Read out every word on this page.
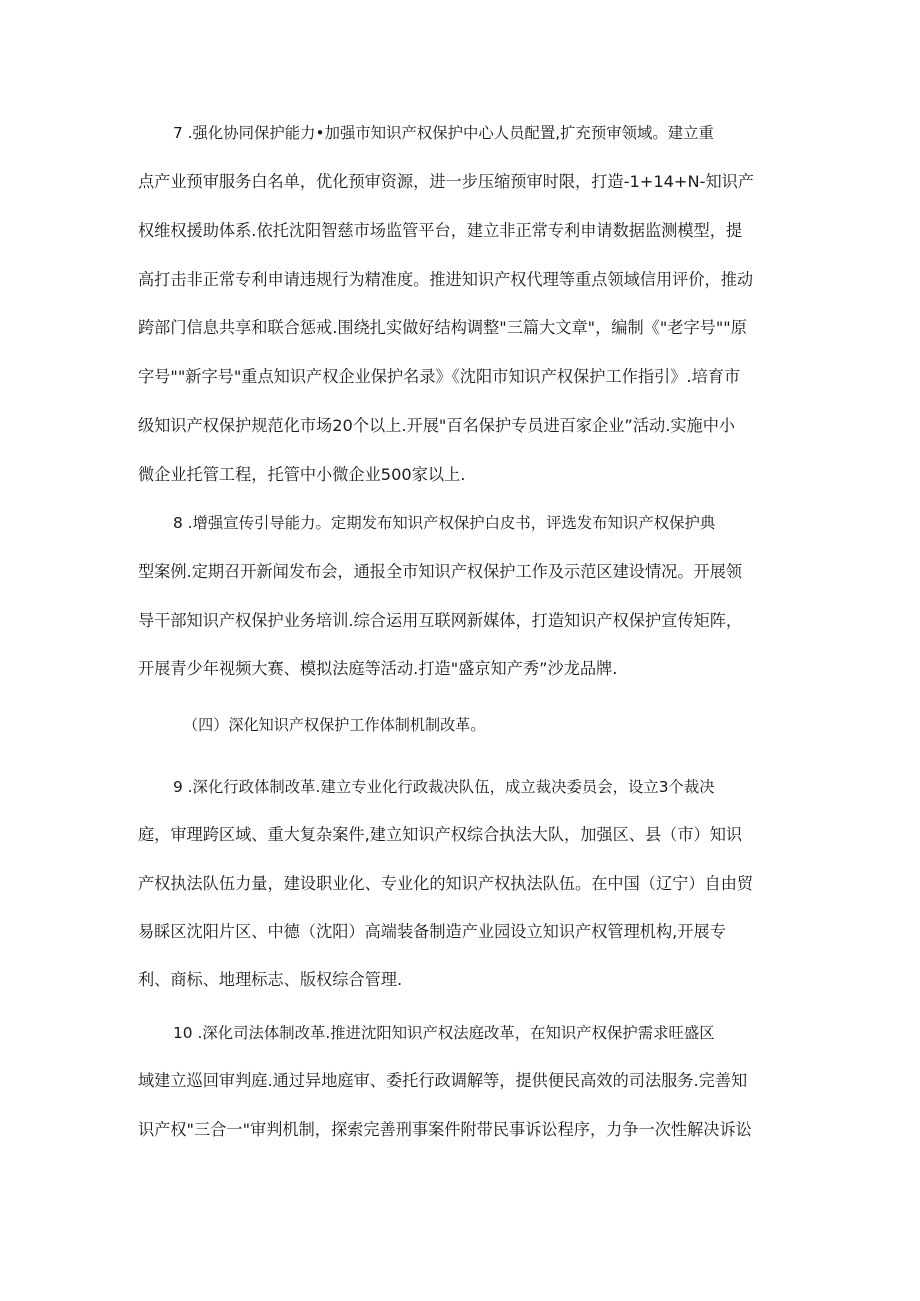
7 .强化协同保护能力•加强市知识产权保护中心人员配置,扩充预审领域。建立重
点产业预审服务白名单，优化预审资源，进一步压缩预审时限，打造-1+14+N-知识产
权维权援助体系.依托沈阳智慈市场监管平台，建立非正常专利申请数据监测模型，提
高打击非正常专利申请违规行为精准度。推进知识产权代理等重点领域信用评价，推动
跨部门信息共享和联合惩戒.围绕扎实做好结构调整"三篇大文章"，编制《"老字号""原
字号""新字号"重点知识产权企业保护名录》《沈阳市知识产权保护工作指引》.培育市
级知识产权保护规范化市场20个以上.开展"百名保护专员进百家企业”活动.实施中小
微企业托管工程，托管中小微企业500家以上.
8 .增强宣传引导能力。定期发布知识产权保护白皮书，评选发布知识产权保护典
型案例.定期召开新闻发布会，通报全市知识产权保护工作及示范区建设情况。开展领
导干部知识产权保护业务培训.综合运用互联网新媒体，打造知识产权保护宣传矩阵，
开展青少年视频大赛、模拟法庭等活动.打造"盛京知产秀”沙龙品牌.
（四）深化知识产权保护工作体制机制改革。
9 .深化行政体制改革.建立专业化行政裁决队伍，成立裁决委员会，设立3个裁决
庭，审理跨区域、重大复杂案件,建立知识产权综合执法大队，加强区、县（市）知识
产权执法队伍力量，建设职业化、专业化的知识产权执法队伍。在中国（辽宁）自由贸
易睬区沈阳片区、中德（沈阳）高端装备制造产业园设立知识产权管理机构,开展专
利、商标、地理标志、版权综合管理.
10 .深化司法体制改革.推进沈阳知识产权法庭改革，在知识产权保护需求旺盛区
域建立巡回审判庭.通过异地庭审、委托行政调解等，提供便民高效的司法服务.完善知
识产权"三合一"审判机制，探索完善刑事案件附带民事诉讼程序，力争一次性解决诉讼
